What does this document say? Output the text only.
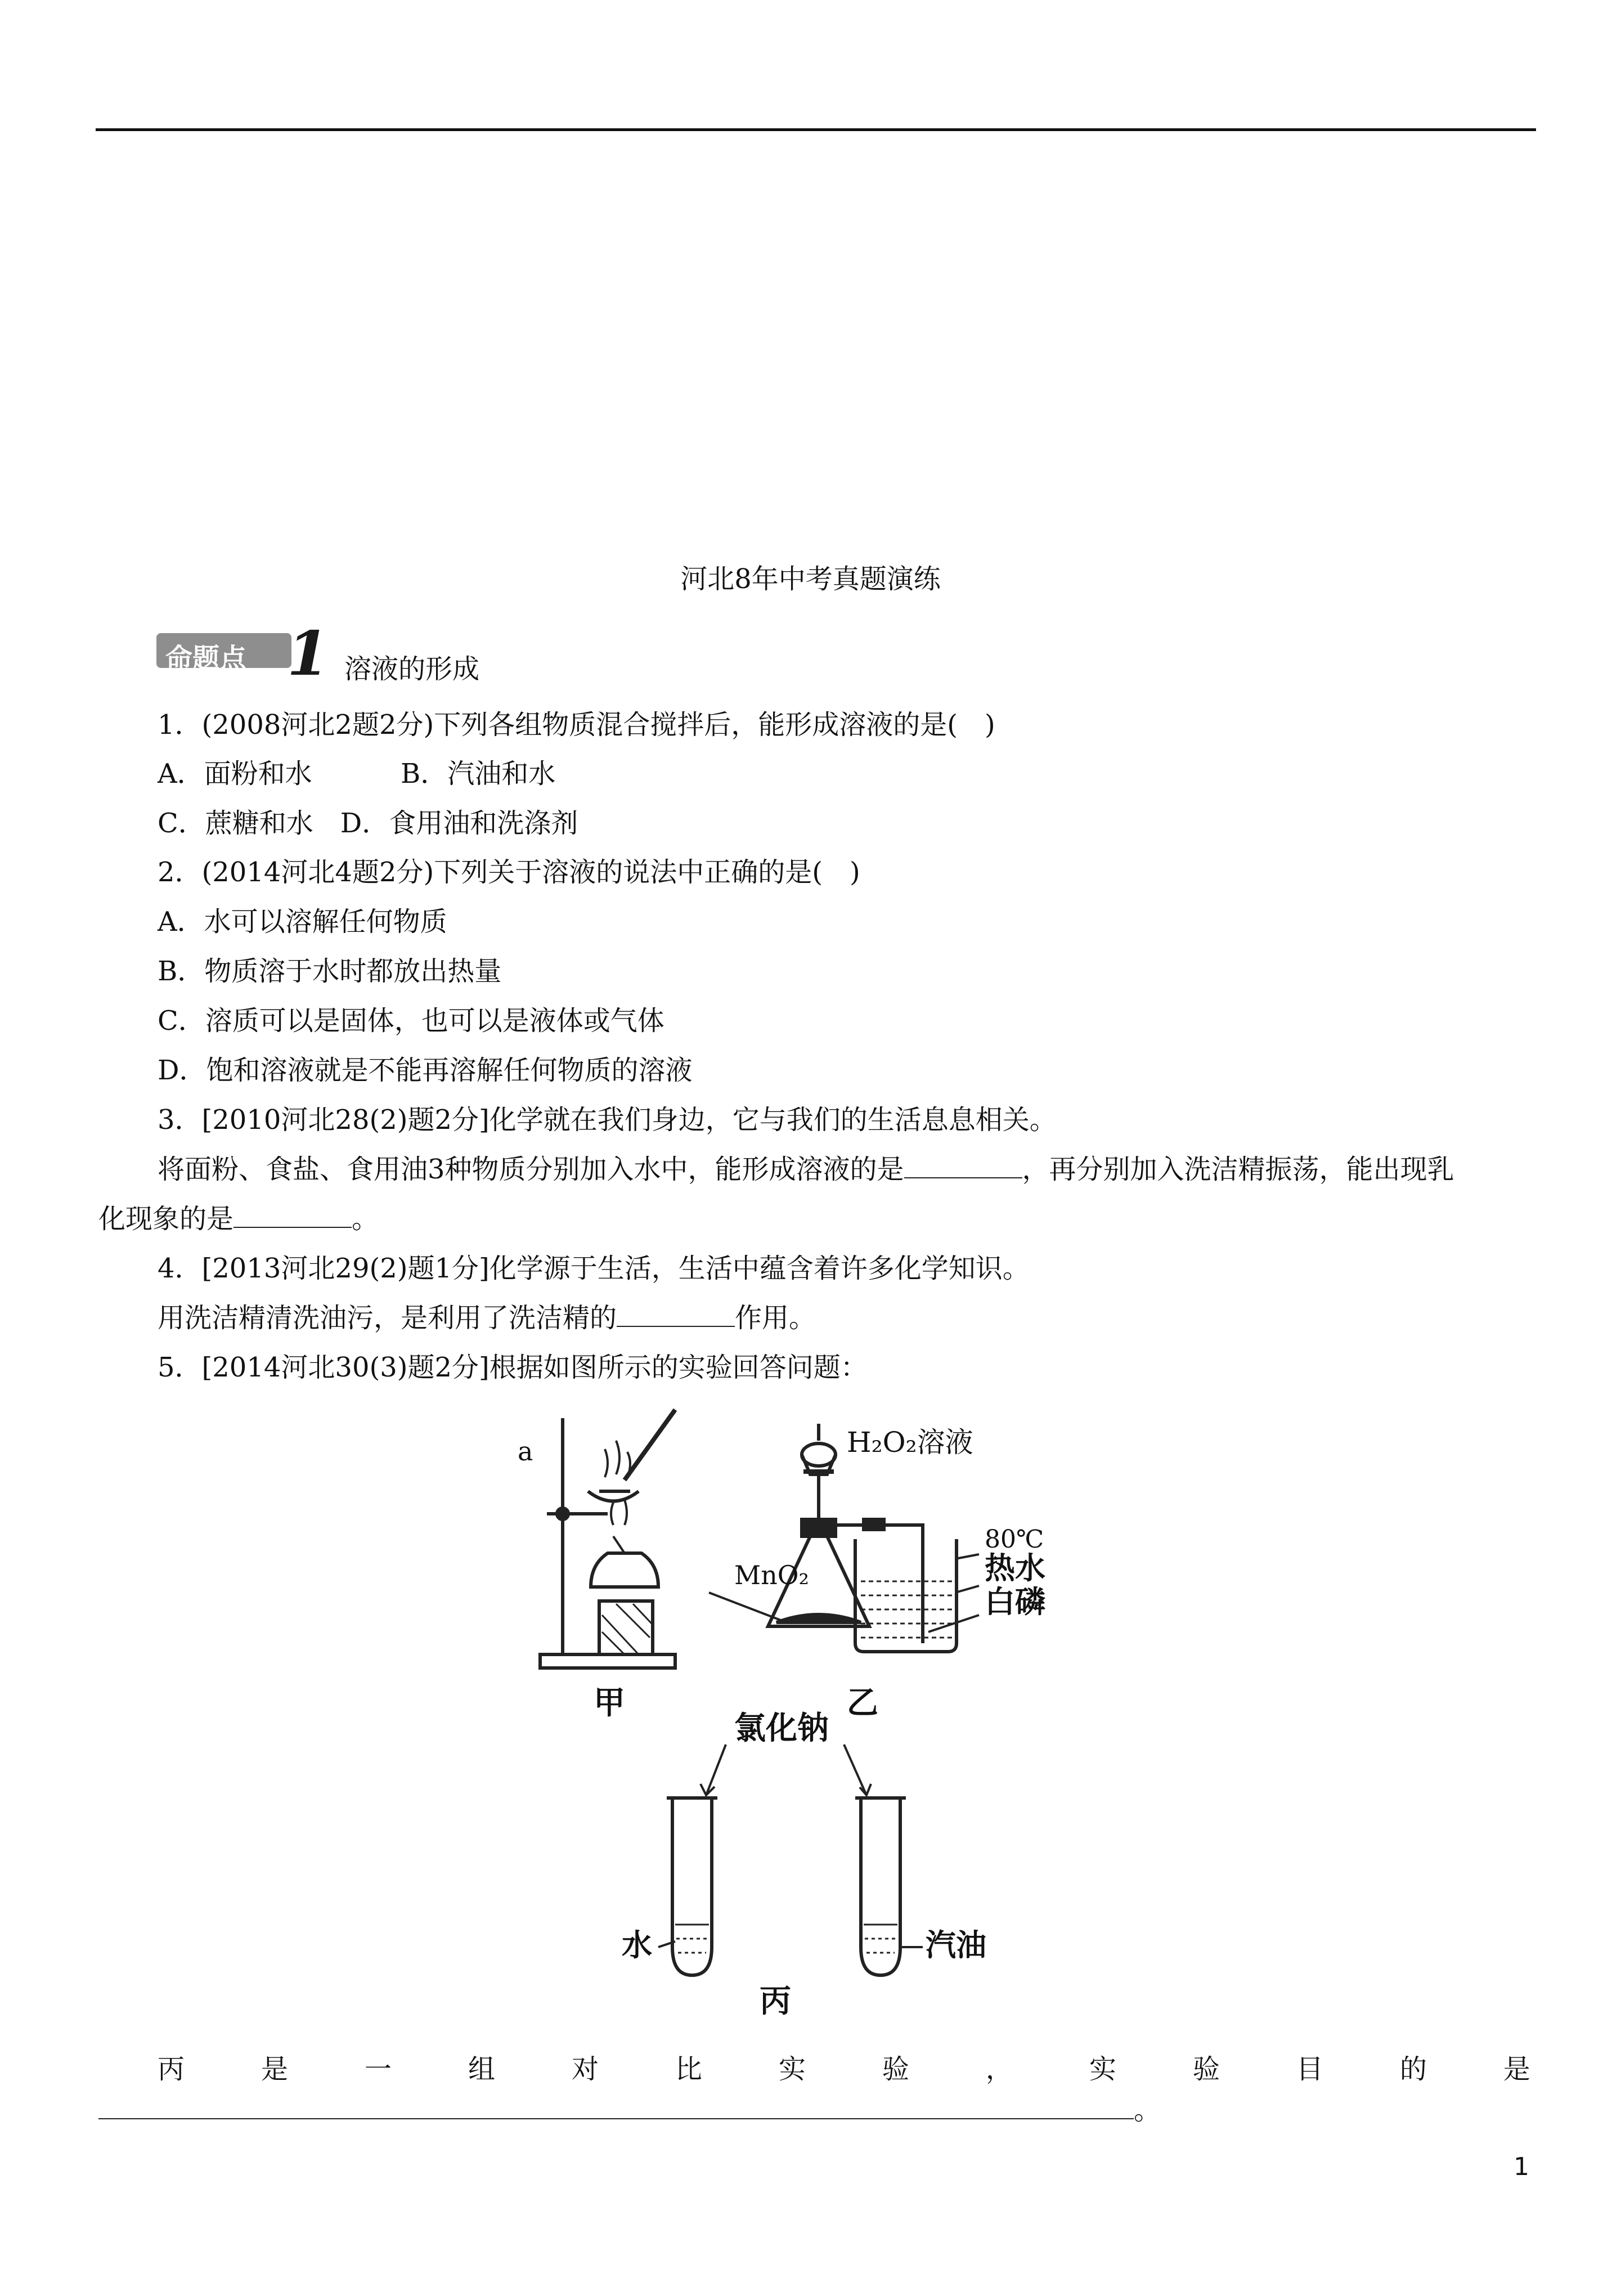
河北8年中考真题演练
命题点 1 溶液的形成
1．(2008河北2题2分)下列各组物质混合搅拌后，能形成溶液的是(　)
A．面粉和水	B．汽油和水
C．蔗糖和水　D．食用油和洗涤剂
2．(2014河北4题2分)下列关于溶液的说法中正确的是(　)
A．水可以溶解任何物质
B．物质溶于水时都放出热量
C．溶质可以是固体，也可以是液体或气体
D．饱和溶液就是不能再溶解任何物质的溶液
3．[2010河北28(2)题2分]化学就在我们身边，它与我们的生活息息相关。
将面粉、食盐、食用油3种物质分别加入水中，能形成溶液的是	，再分别加入洗洁精振荡，能出现乳
化现象的是	。
4．[2013河北29(2)题1分]化学源于生活，生活中蕴含着许多化学知识。
用洗洁精清洗油污，是利用了洗洁精的	作用。
5．[2014河北30(3)题2分]根据如图所示的实验回答问题：
a
甲
H₂O₂溶液
MnO₂
80℃
热水
白磷
乙
氯化钠
水	汽油
丙
丙	是	一	组	对	比	实	验	，	实	验	目	的	是
。
1
